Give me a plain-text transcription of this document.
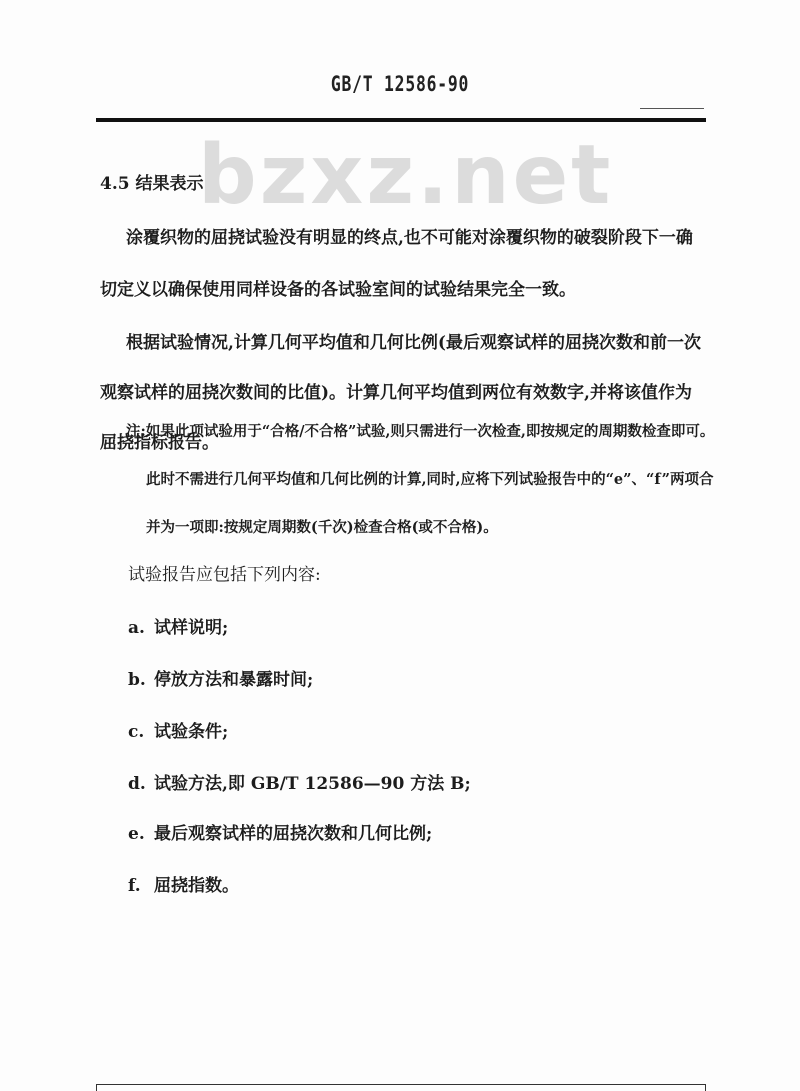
GB/T 12586-90
bzxz.net
4.5 结果表示
涂覆织物的屈挠试验没有明显的终点,也不可能对涂覆织物的破裂阶段下一确切定义以确保使用同样设备的各试验室间的试验结果完全一致。
根据试验情况,计算几何平均值和几何比例(最后观察试样的屈挠次数和前一次观察试样的屈挠次数间的比值)。计算几何平均值到两位有效数字,并将该值作为屈挠指标报告。
注:如果此项试验用于“合格/不合格”试验,则只需进行一次检查,即按规定的周期数检查即可。此时不需进行几何平均值和几何比例的计算,同时,应将下列试验报告中的“e”、“f”两项合并为一项即:按规定周期数(千次)检查合格(或不合格)。
试验报告应包括下列内容:
a. 试样说明;
b. 停放方法和暴露时间;
c. 试验条件;
d. 试验方法,即 GB/T 12586—90 方法 B;
e. 最后观察试样的屈挠次数和几何比例;
f. 屈挠指数。
